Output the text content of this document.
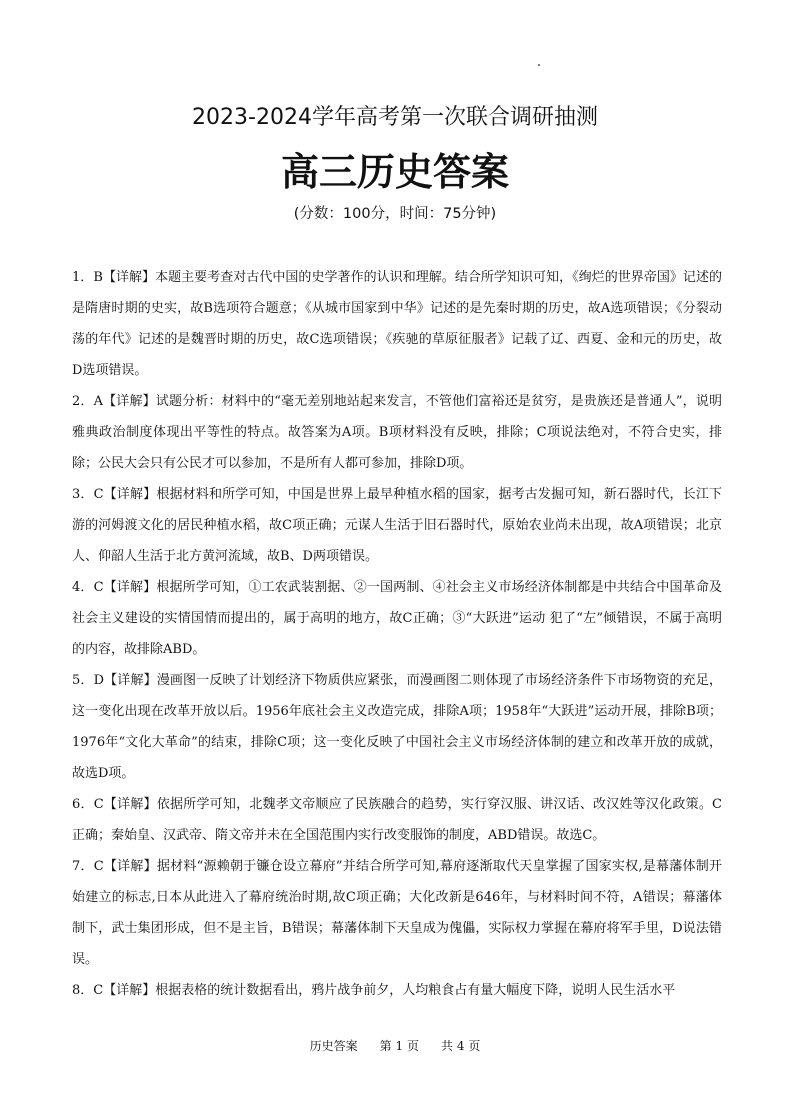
2023-2024学年高考第一次联合调研抽测
高三历史答案
(分数：100分，时间：75分钟)
1．B【详解】本题主要考查对古代中国的史学著作的认识和理解。结合所学知识可知，《绚烂的世界帝国》记述的是隋唐时期的史实，故B选项符合题意；《从城市国家到中华》记述的是先秦时期的历史，故A选项错误；《分裂动荡的年代》记述的是魏晋时期的历史，故C选项错误；《疾驰的草原征服者》记载了辽、西夏、金和元的历史，故D选项错误。
2．A【详解】试题分析：材料中的“毫无差别地站起来发言，不管他们富裕还是贫穷，是贵族还是普通人”，说明雅典政治制度体现出平等性的特点。故答案为A项。B项材料没有反映，排除；C项说法绝对，不符合史实，排除；公民大会只有公民才可以参加，不是所有人都可参加，排除D项。
3．C【详解】根据材料和所学可知，中国是世界上最早种植水稻的国家，据考古发掘可知，新石器时代，长江下游的河姆渡文化的居民种植水稻，故C项正确；元谋人生活于旧石器时代，原始农业尚未出现，故A项错误；北京人、仰韶人生活于北方黄河流域，故B、D两项错误。
4．C【详解】根据所学可知，①工农武装割据、②一国两制、④社会主义市场经济体制都是中共结合中国革命及社会主义建设的实情国情而提出的，属于高明的地方，故C正确；③“大跃进”运动 犯了“左”倾错误，不属于高明的内容，故排除ABD。
5．D【详解】漫画图一反映了计划经济下物质供应紧张，而漫画图二则体现了市场经济条件下市场物资的充足，这一变化出现在改革开放以后。1956年底社会主义改造完成，排除A项；1958年“大跃进”运动开展，排除B项；1976年“文化大革命”的结束，排除C项；这一变化反映了中国社会主义市场经济体制的建立和改革开放的成就，故选D项。
6．C【详解】依据所学可知，北魏孝文帝顺应了民族融合的趋势，实行穿汉服、讲汉话、改汉姓等汉化政策。C正确；秦始皇、汉武帝、隋文帝并未在全国范围内实行改变服饰的制度，ABD错误。故选C。
7．C【详解】据材料“源赖朝于镰仓设立幕府”并结合所学可知,幕府逐渐取代天皇掌握了国家实权,是幕藩体制开始建立的标志,日本从此进入了幕府统治时期,故C项正确；大化改新是646年，与材料时间不符，A错误；幕藩体制下，武士集团形成，但不是主旨，B错误；幕藩体制下天皇成为傀儡，实际权力掌握在幕府将军手里，D说法错误。
8．C【详解】根据表格的统计数据看出，鸦片战争前夕，人均粮食占有量大幅度下降，说明人民生活水平
历史答案 第 1 页 共 4 页
